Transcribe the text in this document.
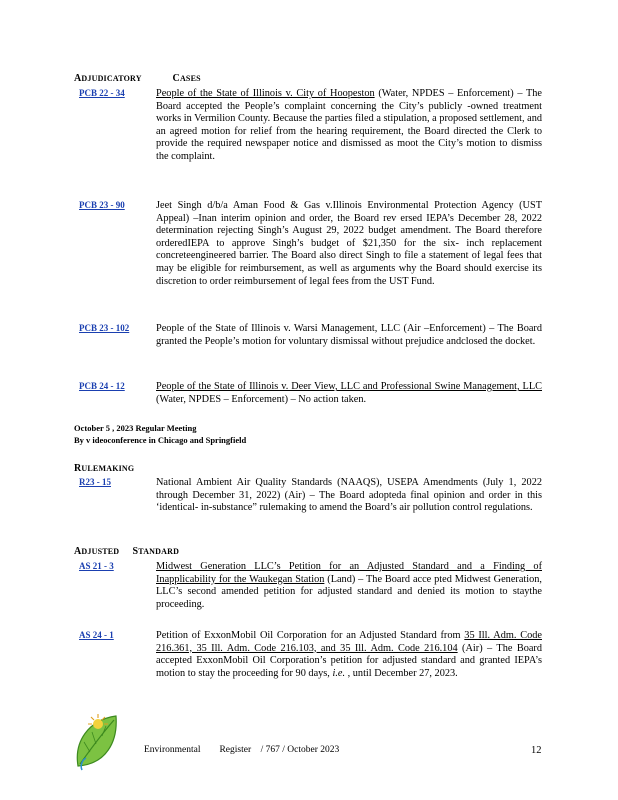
ADJUDICATORY	CASES
PCB 22 - 34	People of the State of Illinois v. City of Hoopeston (Water, NPDES – Enforcement) – The Board accepted the People’s complaint concerning the City’s publicly -owned treatment works in Vermilion County. Because the parties filed a stipulation, a proposed settlement, and an agreed motion for relief from the hearing requirement, the Board directed the Clerk to provide the required newspaper notice and dismissed as moot the City’s motion to dismiss the complaint.
PCB 23 - 90	Jeet Singh d/b/a Aman Food & Gas v.Illinois Environmental Protection Agency (UST Appeal) –Inan interim opinion and order, the Board rev ersed IEPA’s December 28, 2022 determination rejecting Singh’s August 29, 2022 budget amendment. The Board therefore orderedIEPA to approve Singh’s budget of $21,350 for the six- inch replacement concreteengineered barrier. The Board also direct Singh to file a statement of legal fees that may be eligible for reimbursement, as well as arguments why the Board should exercise its discretion to order reimbursement of legal fees from the UST Fund.
PCB 23 - 102	People of the State of Illinois v. Warsi Management, LLC (Air –Enforcement) – The Board granted the People’s motion for voluntary dismissal without prejudice andclosed the docket.
PCB 24 - 12	People of the State of Illinois v. Deer View, LLC and Professional Swine Management, LLC (Water, NPDES – Enforcement) – No action taken.
October 5 , 2023 Regular Meeting
By v ideoconference in Chicago and Springfield
RULEMAKING
R23 - 15	National Ambient Air Quality Standards (NAAQS), USEPA Amendments (July 1, 2022 through December 31, 2022) (Air) – The Board adopteda final opinion and order in this ‘identical- in-substance” rulemaking to amend the Board’s air pollution control regulations.
ADJUSTED STANDARD
AS 21 - 3	Midwest Generation LLC’s Petition for an Adjusted Standard and a Finding of Inapplicability for the Waukegan Station (Land) – The Board acce pted Midwest Generation, LLC’s second amended petition for adjusted standard and denied its motion to staythe proceeding.
AS 24 - 1	Petition of ExxonMobil Oil Corporation for an Adjusted Standard from 35 Ill. Adm. Code 216.361, 35 Ill. Adm. Code 216.103, and 35 Ill. Adm. Code 216.104 (Air) – The Board accepted ExxonMobil Oil Corporation’s petition for adjusted standard and granted IEPA’s motion to stay the proceeding for 90 days, i.e. , until December 27, 2023.
Environmental        Register    / 767 / October 2023	12
